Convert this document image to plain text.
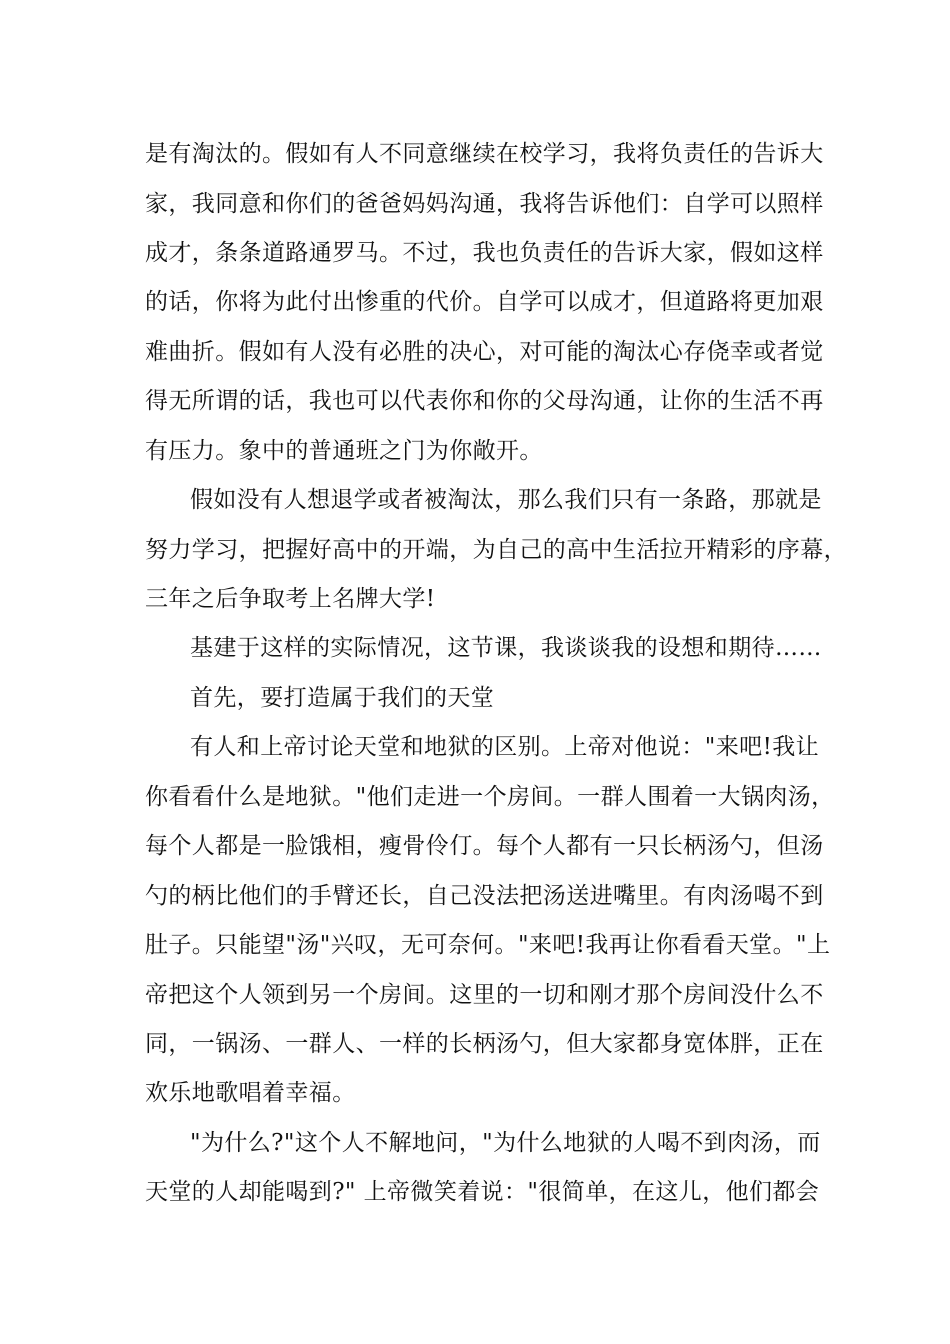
是有淘汰的。假如有人不同意继续在校学习，我将负责任的告诉大

家，我同意和你们的爸爸妈妈沟通，我将告诉他们：自学可以照样

成才，条条道路通罗马。不过，我也负责任的告诉大家，假如这样

的话，你将为此付出惨重的代价。自学可以成才，但道路将更加艰

难曲折。假如有人没有必胜的决心，对可能的淘汰心存侥幸或者觉

得无所谓的话，我也可以代表你和你的父母沟通，让你的生活不再

有压力。象中的普通班之门为你敞开。

假如没有人想退学或者被淘汰，那么我们只有一条路，那就是

努力学习，把握好高中的开端，为自己的高中生活拉开精彩的序幕，

三年之后争取考上名牌大学!

基建于这样的实际情况，这节课，我谈谈我的设想和期待……

首先，要打造属于我们的天堂

有人和上帝讨论天堂和地狱的区别。上帝对他说："来吧!我让

你看看什么是地狱。"他们走进一个房间。一群人围着一大锅肉汤，

每个人都是一脸饿相，瘦骨伶仃。每个人都有一只长柄汤勺，但汤

勺的柄比他们的手臂还长，自己没法把汤送进嘴里。有肉汤喝不到

肚子。只能望"汤"兴叹，无可奈何。"来吧!我再让你看看天堂。"上

帝把这个人领到另一个房间。这里的一切和刚才那个房间没什么不

同，一锅汤、一群人、一样的长柄汤勺，但大家都身宽体胖，正在

欢乐地歌唱着幸福。

"为什么?"这个人不解地问，"为什么地狱的人喝不到肉汤，而

天堂的人却能喝到?" 上帝微笑着说："很简单，在这儿，他们都会
